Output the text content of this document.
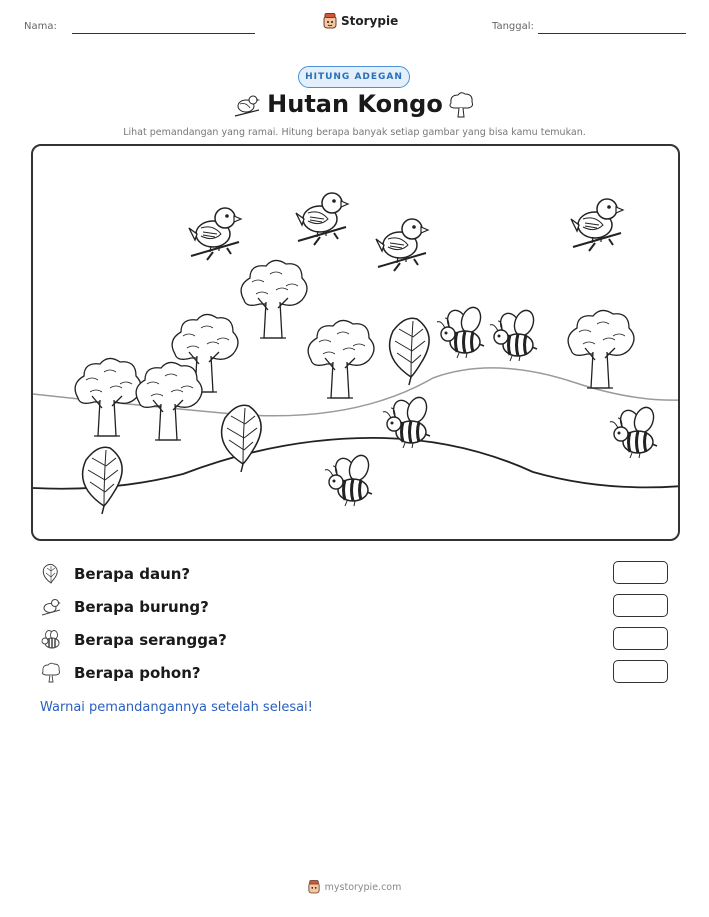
Nama:	Storypie	Tanggal:
HITUNG ADEGAN
Hutan Kongo
Lihat pemandangan yang ramai. Hitung berapa banyak setiap gambar yang bisa kamu temukan.
Berapa daun?
Berapa burung?
Berapa serangga?
Berapa pohon?
Warnai pemandangannya setelah selesai!
mystorypie.com
